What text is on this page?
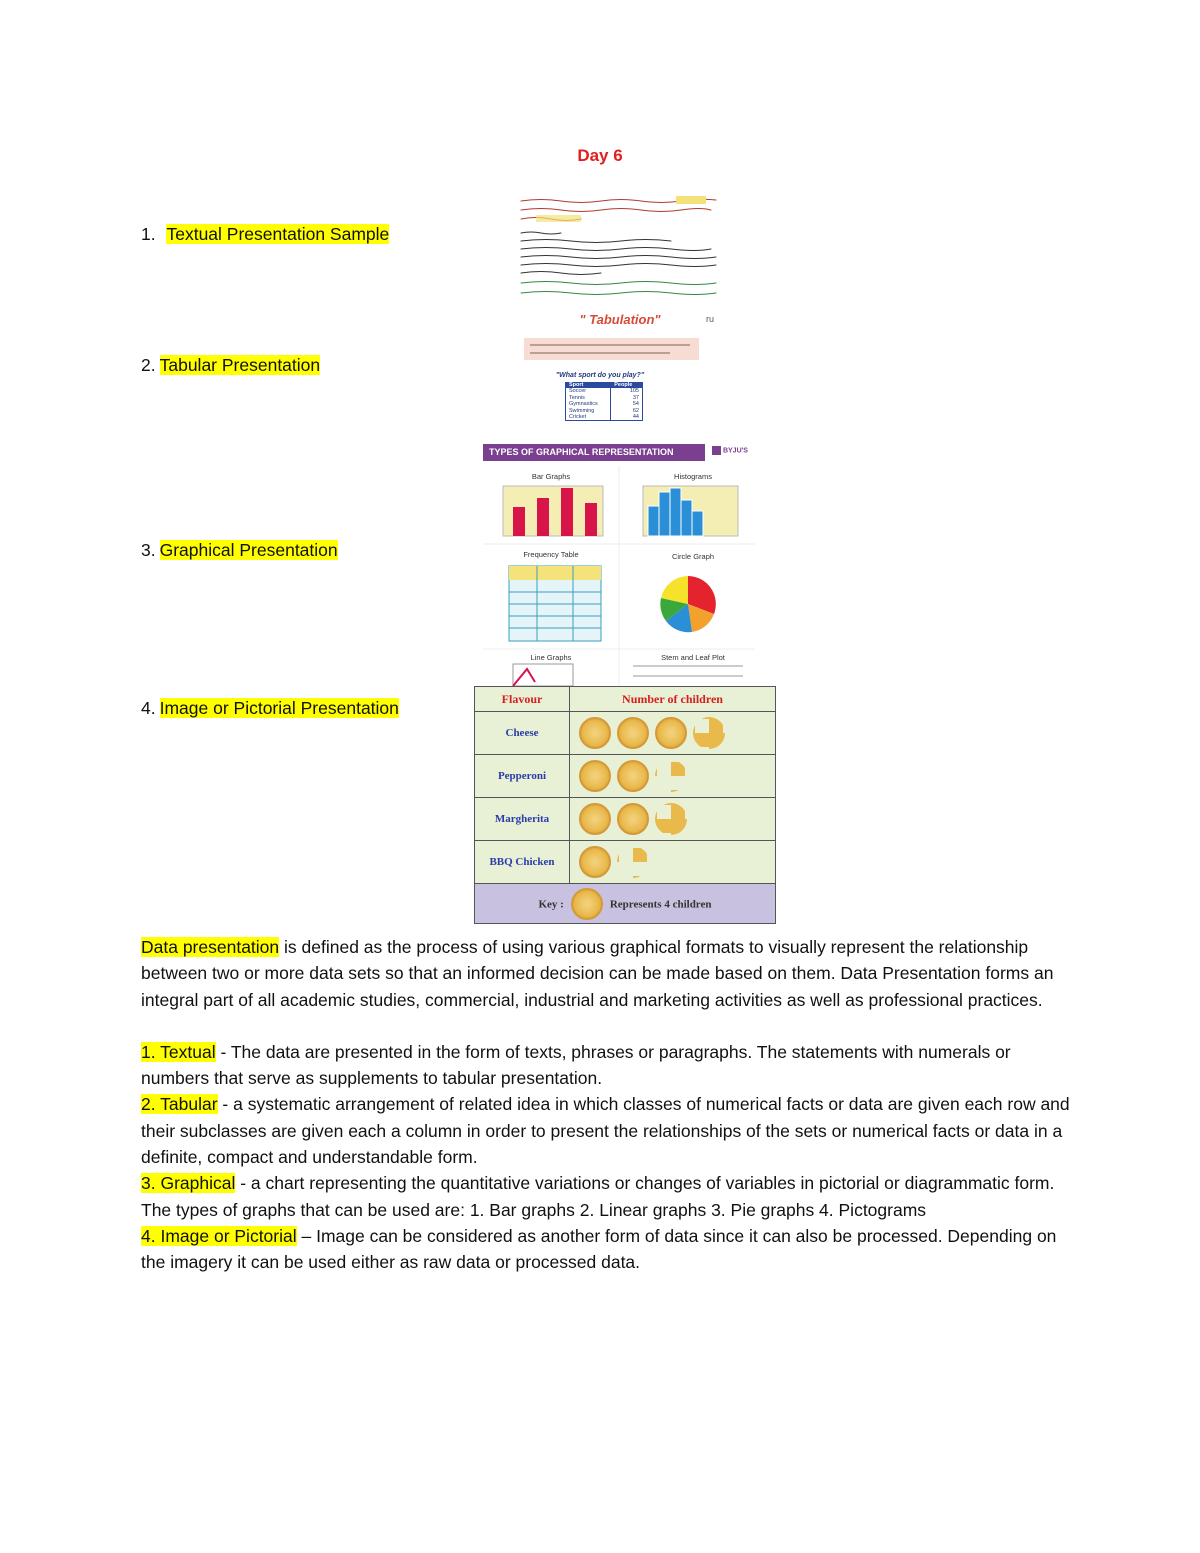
Day 6
1. Textual Presentation Sample
2. Tabular Presentation
3. Graphical Presentation
4. Image or Pictorial Presentation
" Tabulation"	ru
"What sport do you play?"
Sport	People
Soccer	105
Tennis	37
Gymnastics	54
Swimming	62
Cricket	44
TYPES OF GRAPHICAL REPRESENTATION	BYJU'S
Bar Graphs	Histograms
Frequency Table	Circle Graph
Line Graphs	Stem and Leaf Plot
Flavour	Number of children
Cheese	

Pepperoni	

Margherita	

BBQ Chicken	

Key : Represents 4 children	

Data presentation is defined as the process of using various graphical formats to visually represent the relationship between two or more data sets so that an informed decision can be made based on them. Data Presentation forms an integral part of all academic studies, commercial, industrial and marketing activities as well as professional practices.

1. Textual - The data are presented in the form of texts, phrases or paragraphs. The statements with numerals or numbers that serve as supplements to tabular presentation.

2. Tabular - a systematic arrangement of related idea in which classes of numerical facts or data are given each row and their subclasses are given each a column in order to present the relationships of the sets or numerical facts or data in a definite, compact and understandable form.

3. Graphical - a chart representing the quantitative variations or changes of variables in pictorial or diagrammatic form.

The types of graphs that can be used are: 1. Bar graphs 2. Linear graphs 3. Pie graphs 4. Pictograms

4. Image or Pictorial – Image can be considered as another form of data since it can also be processed. Depending on the imagery it can be used either as raw data or processed data.
